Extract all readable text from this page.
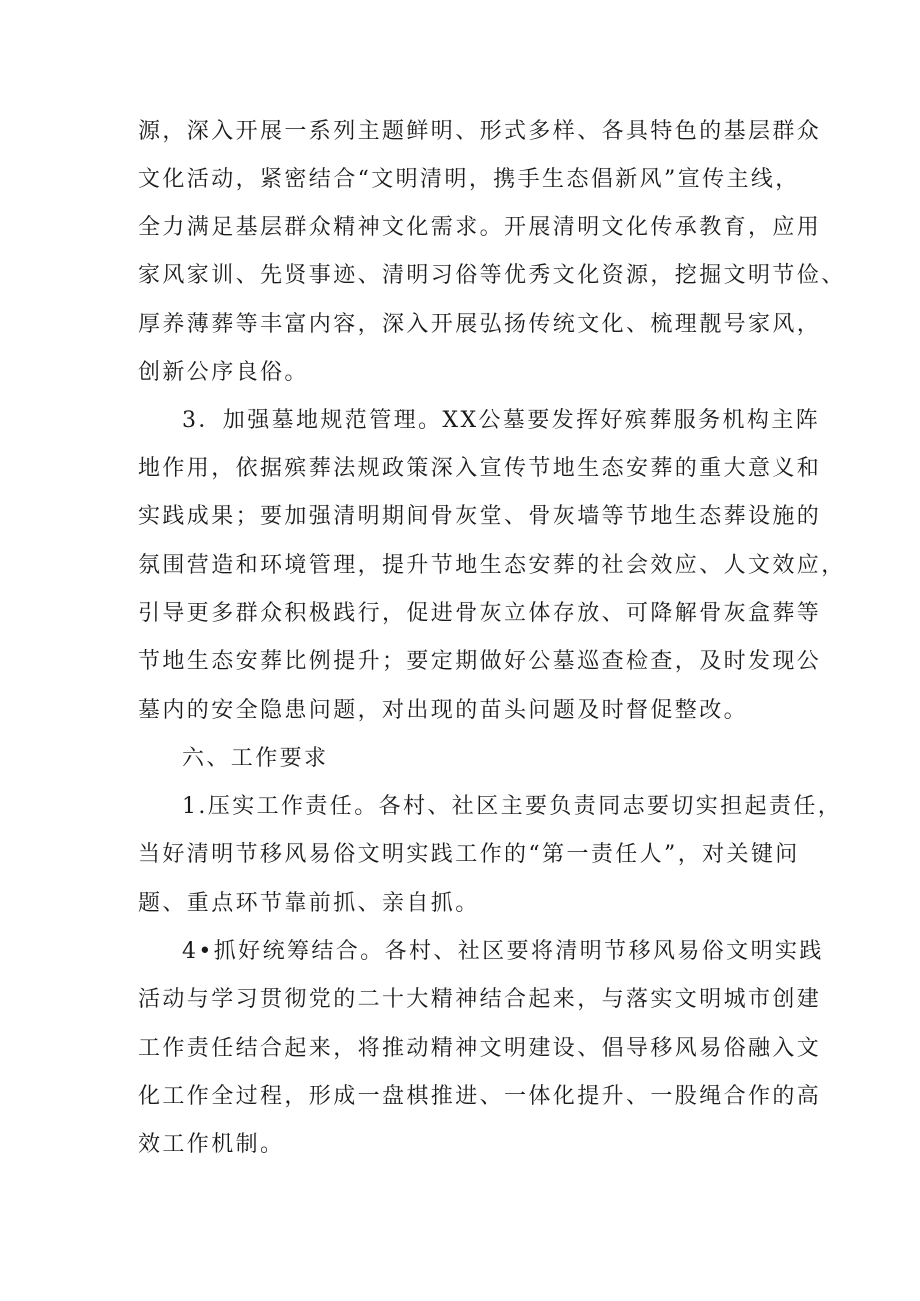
源，深入开展一系列主题鲜明、形式多样、各具特色的基层群众
文化活动，紧密结合“文明清明，携手生态倡新风”宣传主线，
全力满足基层群众精神文化需求。开展清明文化传承教育，应用
家风家训、先贤事迹、清明习俗等优秀文化资源，挖掘文明节俭、
厚养薄葬等丰富内容，深入开展弘扬传统文化、梳理靓号家风，
创新公序良俗。
3．加强墓地规范管理。XX公墓要发挥好殡葬服务机构主阵
地作用，依据殡葬法规政策深入宣传节地生态安葬的重大意义和
实践成果；要加强清明期间骨灰堂、骨灰墙等节地生态葬设施的
氛围营造和环境管理，提升节地生态安葬的社会效应、人文效应，
引导更多群众积极践行，促进骨灰立体存放、可降解骨灰盒葬等
节地生态安葬比例提升；要定期做好公墓巡查检查，及时发现公
墓内的安全隐患问题，对出现的苗头问题及时督促整改。
六、工作要求
1.压实工作责任。各村、社区主要负责同志要切实担起责任，
当好清明节移风易俗文明实践工作的“第一责任人”，对关键问
题、重点环节靠前抓、亲自抓。
4•抓好统筹结合。各村、社区要将清明节移风易俗文明实践
活动与学习贯彻党的二十大精神结合起来，与落实文明城市创建
工作责任结合起来，将推动精神文明建设、倡导移风易俗融入文
化工作全过程，形成一盘棋推进、一体化提升、一股绳合作的高
效工作机制。
